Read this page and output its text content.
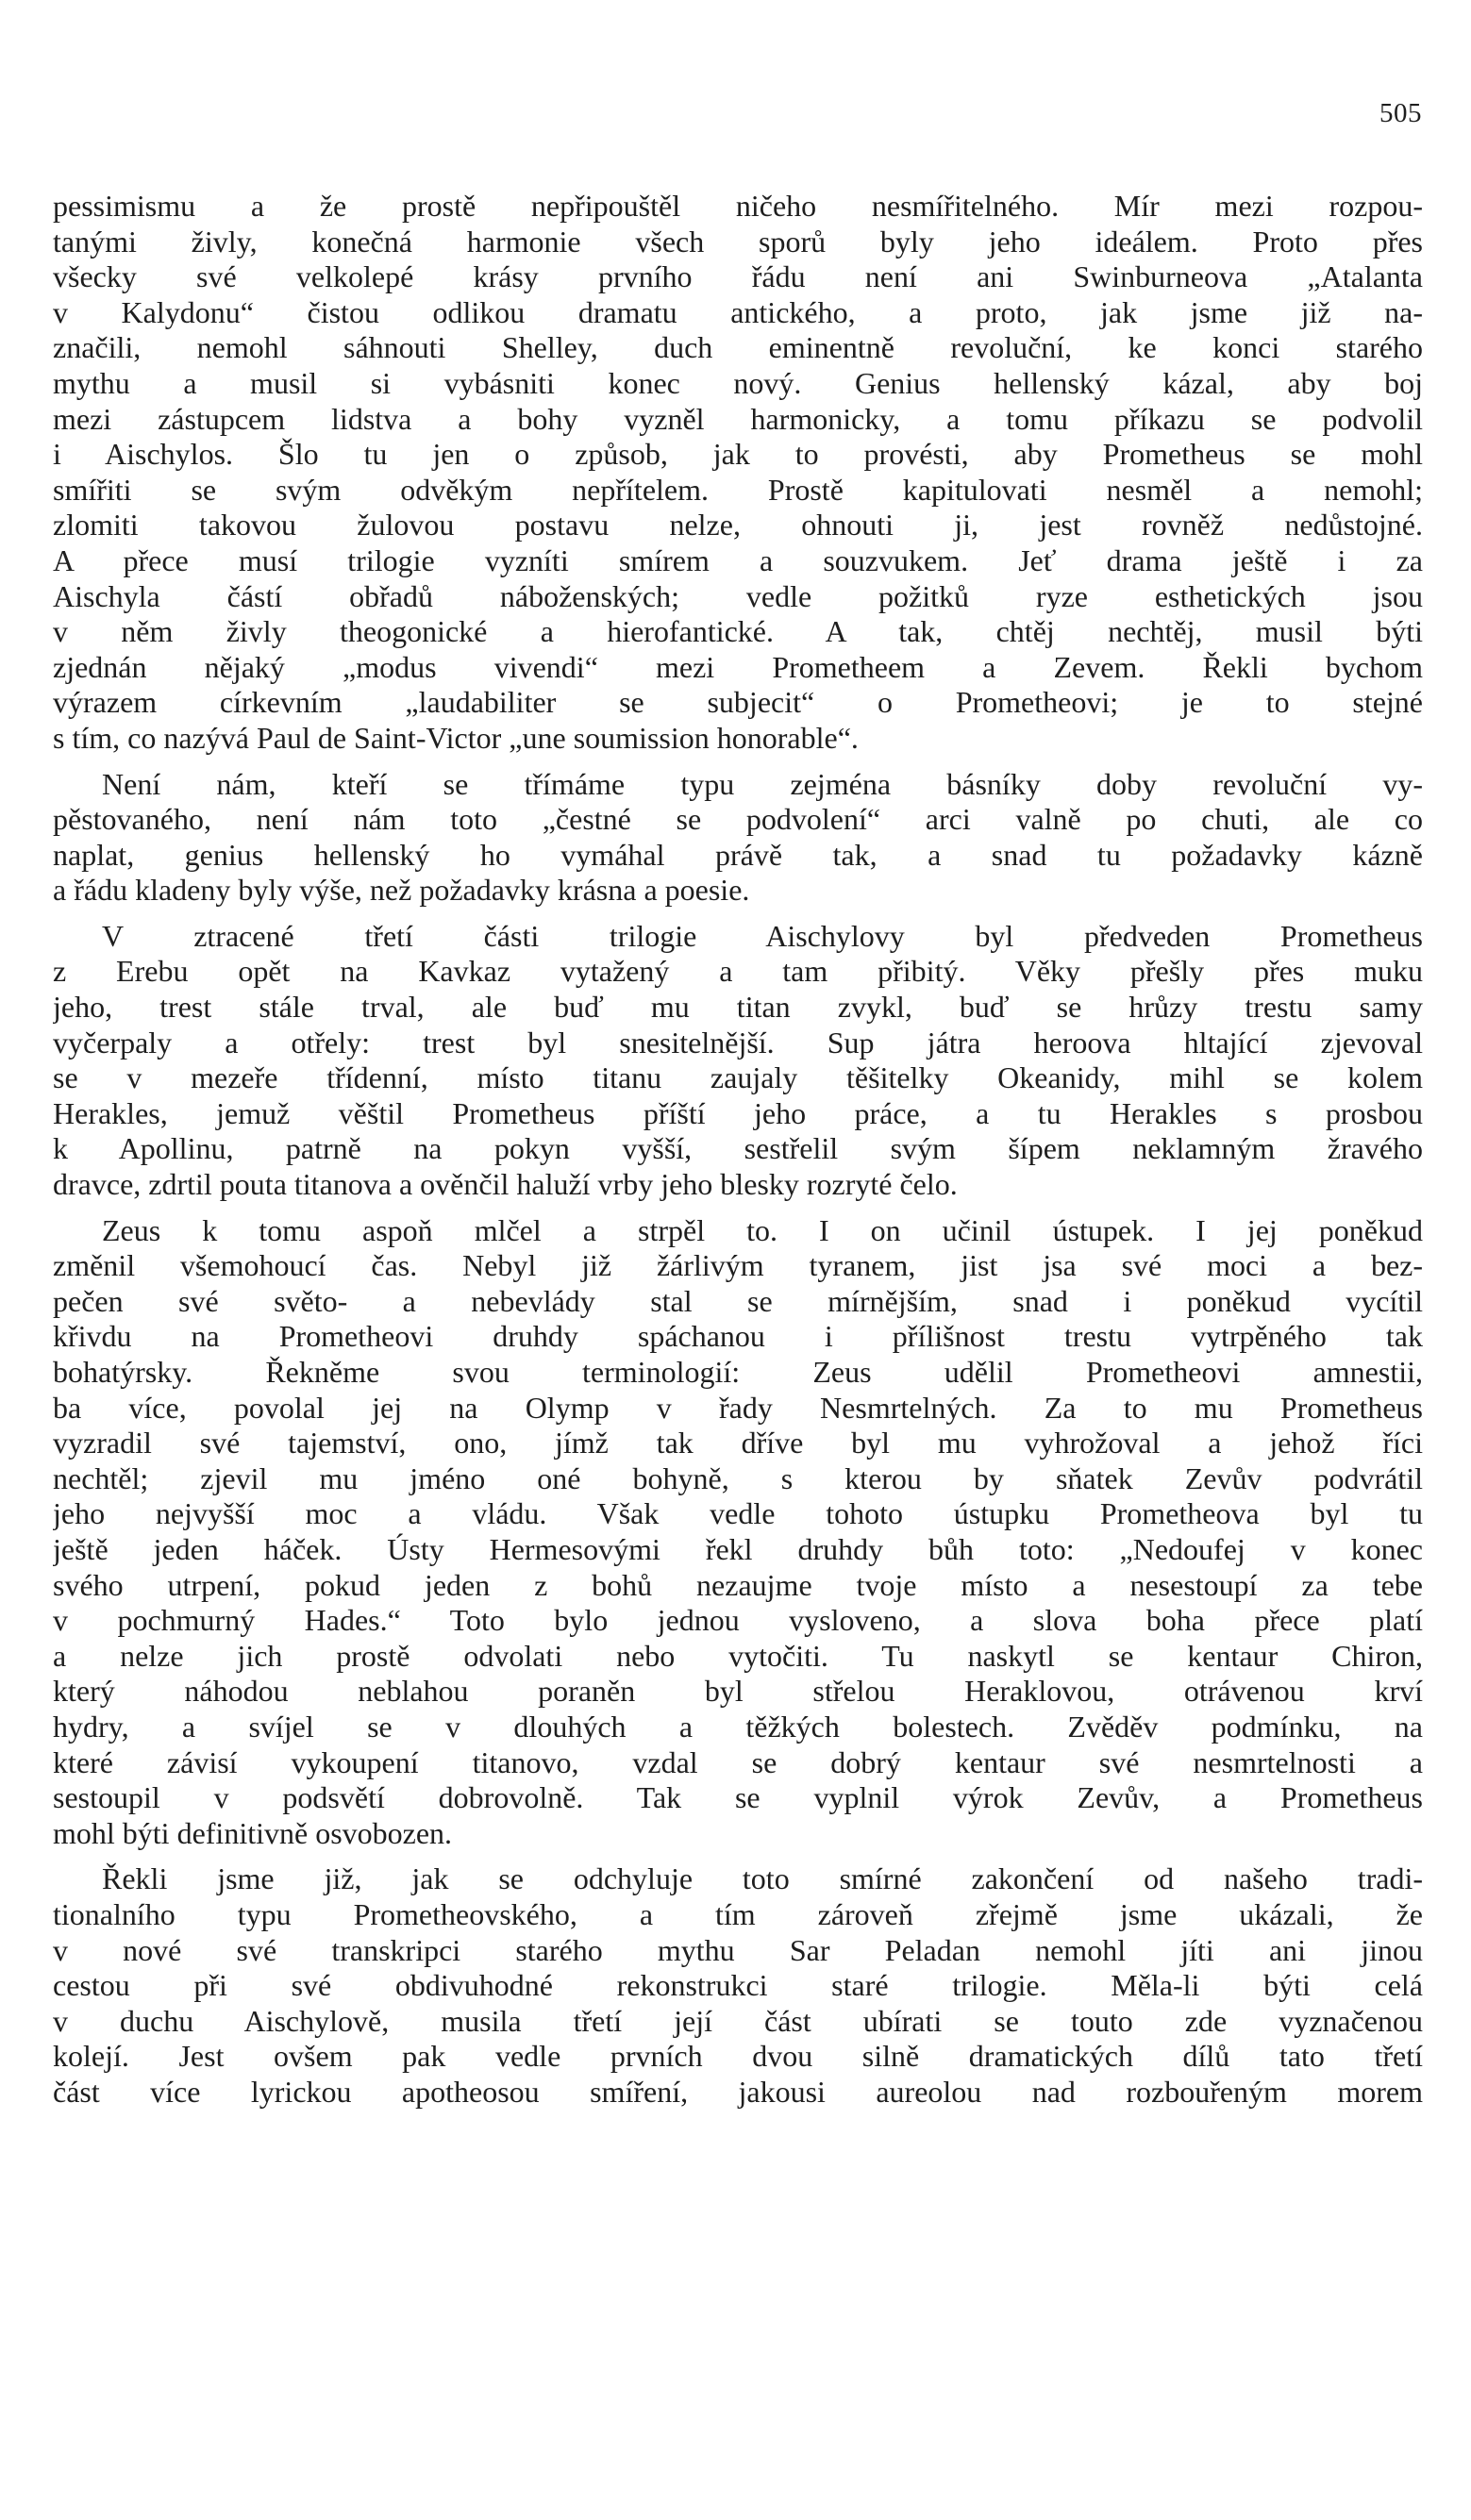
505
pessimismu a že prostě nepřipouštěl ničeho nesmířitelného. Mír mezi rozpou-
tanými živly, konečná harmonie všech sporů byly jeho ideálem. Proto přes
všecky své velkolepé krásy prvního řádu není ani Swinburneova „Atalanta
v Kalydonu“ čistou odlikou dramatu antického, a proto, jak jsme již na-
značili, nemohl sáhnouti Shelley, duch eminentně revoluční, ke konci starého
mythu a musil si vybásniti konec nový. Genius hellenský kázal, aby boj
mezi zástupcem lidstva a bohy vyzněl harmonicky, a tomu příkazu se podvolil
i Aischylos. Šlo tu jen o způsob, jak to provésti, aby Prometheus se mohl
smířiti se svým odvěkým nepřítelem. Prostě kapitulovati nesměl a nemohl;
zlomiti takovou žulovou postavu nelze, ohnouti ji, jest rovněž nedůstojné.
A přece musí trilogie vyzníti smírem a souzvukem. Jeť drama ještě i za
Aischyla částí obřadů náboženských; vedle požitků ryze esthetických jsou
v něm živly theogonické a hierofantické. A tak, chtěj nechtěj, musil býti
zjednán nějaký „modus vivendi“ mezi Prometheem a Zevem. Řekli bychom
výrazem církevním „laudabiliter se subjecit“ o Prometheovi; je to stejné
s tím, co nazývá Paul de Saint-Victor „une soumission honorable“.
Není nám, kteří se třímáme typu zejména básníky doby revoluční vy-
pěstovaného, není nám toto „čestné se podvolení“ arci valně po chuti, ale co
naplat, genius hellenský ho vymáhal právě tak, a snad tu požadavky kázně
a řádu kladeny byly výše, než požadavky krásna a poesie.
V ztracené třetí části trilogie Aischylovy byl předveden Prometheus
z Erebu opět na Kavkaz vytažený a tam přibitý. Věky přešly přes muku
jeho, trest stále trval, ale buď mu titan zvykl, buď se hrůzy trestu samy
vyčerpaly a otřely: trest byl snesitelnější. Sup játra heroova hltající zjevoval
se v mezeře třídenní, místo titanu zaujaly těšitelky Okeanidy, mihl se kolem
Herakles, jemuž věštil Prometheus příští jeho práce, a tu Herakles s prosbou
k Apollinu, patrně na pokyn vyšší, sestřelil svým šípem neklamným žravého
dravce, zdrtil pouta titanova a ověnčil haluží vrby jeho blesky rozryté čelo.
Zeus k tomu aspoň mlčel a strpěl to. I on učinil ústupek. I jej poněkud
změnil všemohoucí čas. Nebyl již žárlivým tyranem, jist jsa své moci a bez-
pečen své světo- a nebevlády stal se mírnějším, snad i poněkud vycítil
křivdu na Prometheovi druhdy spáchanou i přílišnost trestu vytrpěného tak
bohatýrsky. Řekněme svou terminologií: Zeus udělil Prometheovi amnestii,
ba více, povolal jej na Olymp v řady Nesmrtelných. Za to mu Prometheus
vyzradil své tajemství, ono, jímž tak dříve byl mu vyhrožoval a jehož říci
nechtěl; zjevil mu jméno oné bohyně, s kterou by sňatek Zevův podvrátil
jeho nejvyšší moc a vládu. Však vedle tohoto ústupku Prometheova byl tu
ještě jeden háček. Ústy Hermesovými řekl druhdy bůh toto: „Nedoufej v konec
svého utrpení, pokud jeden z bohů nezaujme tvoje místo a nesestoupí za tebe
v pochmurný Hades.“ Toto bylo jednou vysloveno, a slova boha přece platí
a nelze jich prostě odvolati nebo vytočiti. Tu naskytl se kentaur Chiron,
který náhodou neblahou poraněn byl střelou Heraklovou, otrávenou krví
hydry, a svíjel se v dlouhých a těžkých bolestech. Zvěděv podmínku, na
které závisí vykoupení titanovo, vzdal se dobrý kentaur své nesmrtelnosti a
sestoupil v podsvětí dobrovolně. Tak se vyplnil výrok Zevův, a Prometheus
mohl býti definitivně osvobozen.
Řekli jsme již, jak se odchyluje toto smírné zakončení od našeho tradi-
tionalního typu Prometheovského, a tím zároveň zřejmě jsme ukázali, že
v nové své transkripci starého mythu Sar Peladan nemohl jíti ani jinou
cestou při své obdivuhodné rekonstrukci staré trilogie. Měla-li býti celá
v duchu Aischylově, musila třetí její část ubírati se touto zde vyznačenou
kolejí. Jest ovšem pak vedle prvních dvou silně dramatických dílů tato třetí
část více lyrickou apotheosou smíření, jakousi aureolou nad rozbouřeným morem
